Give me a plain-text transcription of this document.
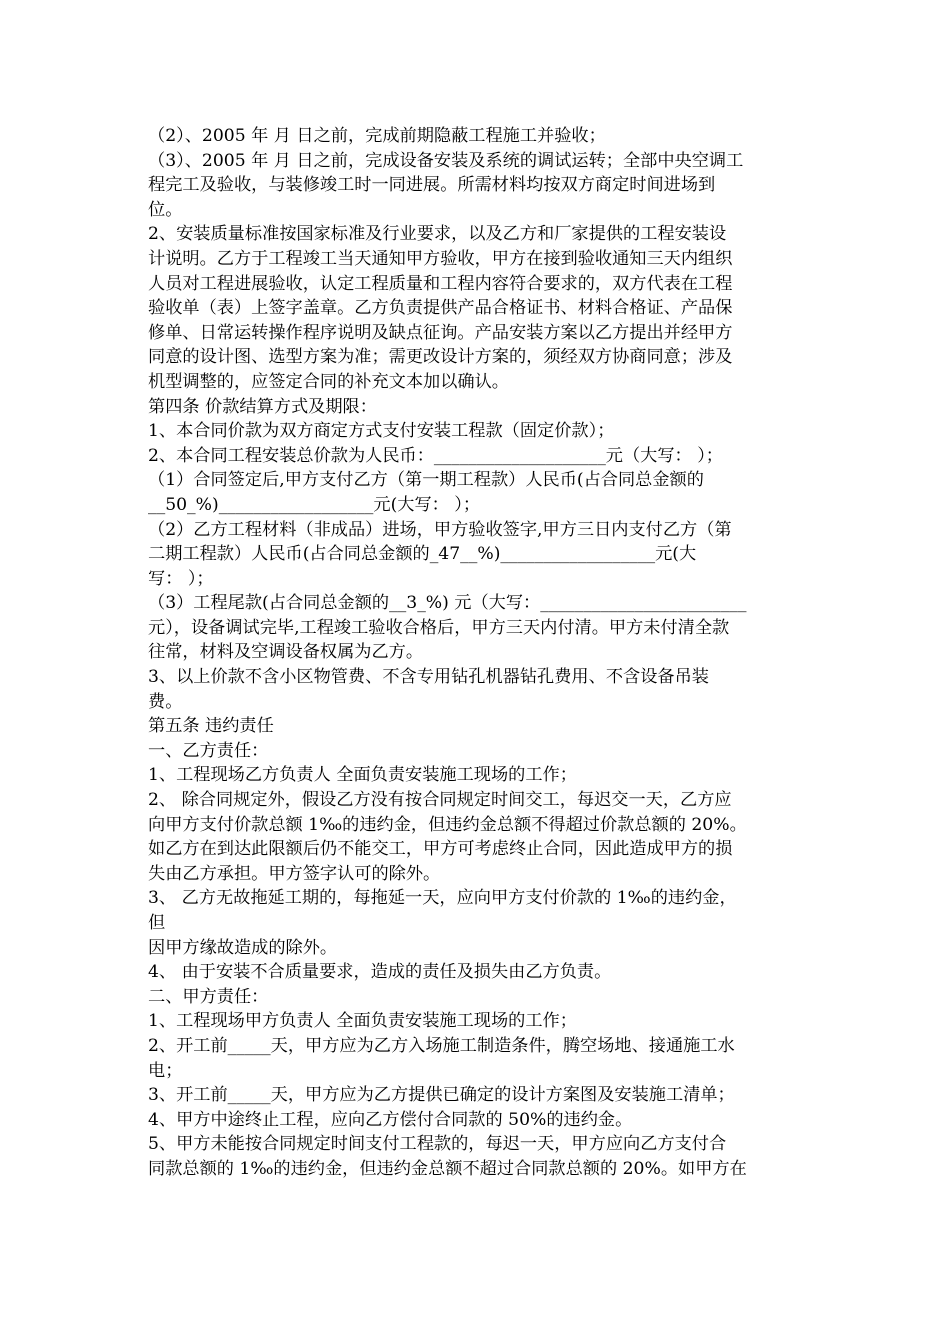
（2）、2005 年 月 日之前，完成前期隐蔽工程施工并验收；
（3）、2005 年 月 日之前，完成设备安装及系统的调试运转；全部中央空调工
程完工及验收，与装修竣工时一同进展。所需材料均按双方商定时间进场到
位。
2、安装质量标准按国家标准及行业要求，以及乙方和厂家提供的工程安装设
计说明。乙方于工程竣工当天通知甲方验收，甲方在接到验收通知三天内组织
人员对工程进展验收，认定工程质量和工程内容符合要求的，双方代表在工程
验收单（表）上签字盖章。乙方负责提供产品合格证书、材料合格证、产品保
修单、日常运转操作程序说明及缺点征询。产品安装方案以乙方提出并经甲方
同意的设计图、选型方案为准；需更改设计方案的，须经双方协商同意；涉及
机型调整的，应签定合同的补充文本加以确认。
第四条 价款结算方式及期限：
1、本合同价款为双方商定方式支付安装工程款（固定价款）；
2、本合同工程安装总价款为人民币：____________________元（大写： ）；
（1）合同签定后,甲方支付乙方（第一期工程款）人民币(占合同总金额的
__50_%)__________________元(大写： ）；
（2）乙方工程材料（非成品）进场，甲方验收签字,甲方三日内支付乙方（第
二期工程款）人民币(占合同总金额的_47__%)__________________元(大
写： ）；
（3）工程尾款(占合同总金额的__3_%) 元（大写：________________________
元），设备调试完毕,工程竣工验收合格后，甲方三天内付清。甲方未付清全款
往常，材料及空调设备权属为乙方。
3、以上价款不含小区物管费、不含专用钻孔机器钻孔费用、不含设备吊装
费。
第五条 违约责任
一、乙方责任：
1、工程现场乙方负责人 全面负责安装施工现场的工作；
2、 除合同规定外，假设乙方没有按合同规定时间交工，每迟交一天，乙方应
向甲方支付价款总额 1‰的违约金，但违约金总额不得超过价款总额的 20%。
如乙方在到达此限额后仍不能交工，甲方可考虑终止合同，因此造成甲方的损
失由乙方承担。甲方签字认可的除外。
3、 乙方无故拖延工期的，每拖延一天，应向甲方支付价款的 1‰的违约金，
但
因甲方缘故造成的除外。
4、 由于安装不合质量要求，造成的责任及损失由乙方负责。
二、甲方责任：
1、工程现场甲方负责人 全面负责安装施工现场的工作；
2、开工前_____天，甲方应为乙方入场施工制造条件，腾空场地、接通施工水
电；
3、开工前_____天，甲方应为乙方提供已确定的设计方案图及安装施工清单；
4、甲方中途终止工程，应向乙方偿付合同款的 50%的违约金。
5、甲方未能按合同规定时间支付工程款的，每迟一天，甲方应向乙方支付合
同款总额的 1‰的违约金，但违约金总额不超过合同款总额的 20%。如甲方在
